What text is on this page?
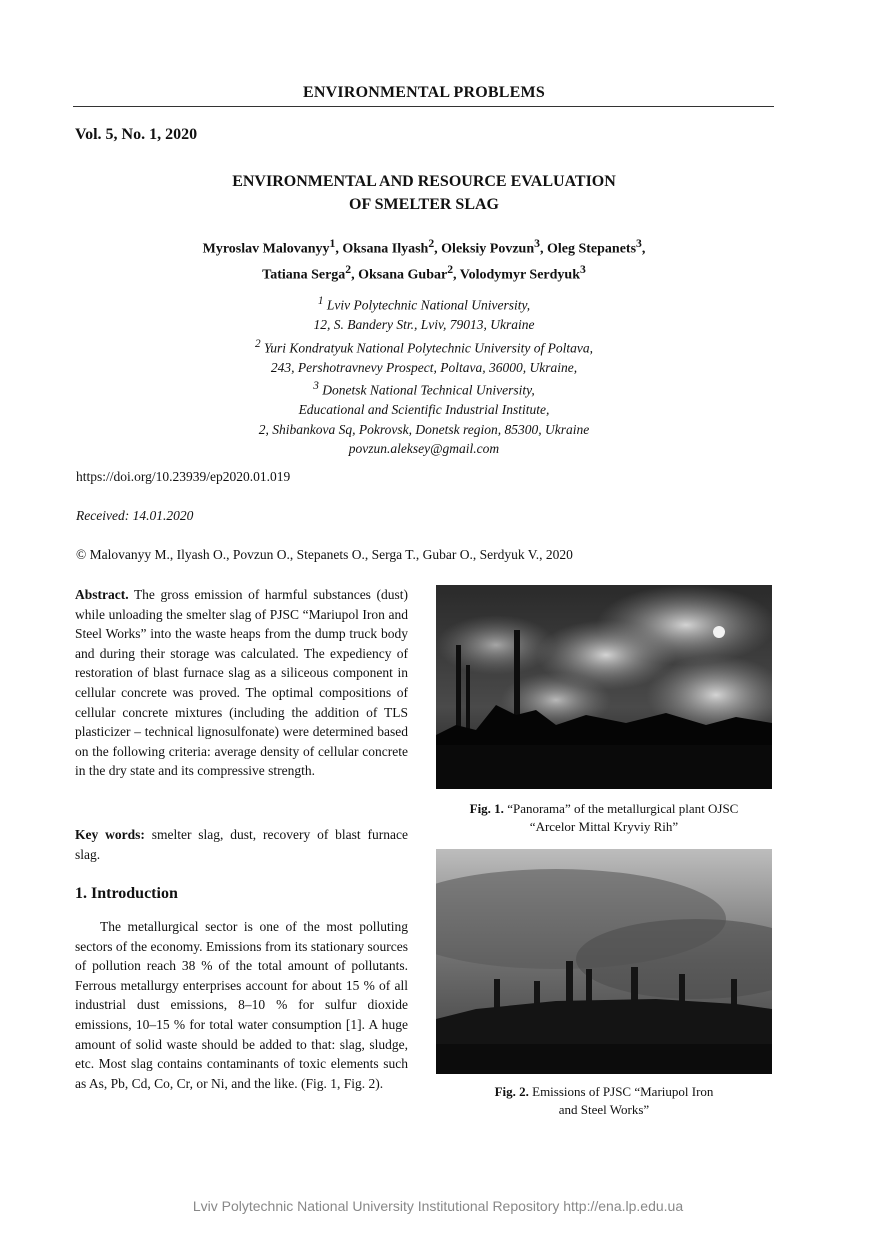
ENVIRONMENTAL PROBLEMS
Vol. 5, No. 1, 2020
ENVIRONMENTAL AND RESOURCE EVALUATION
OF SMELTER SLAG
Myroslav Malovanyy$^1$, Oksana Ilyash$^2$, Oleksiy Povzun$^3$, Oleg Stepanets$^3$,
Tatiana Serga$^2$, Oksana Gubar$^2$, Volodymyr Serdyuk$^3$
$^1$ Lviv Polytechnic National University,
12, S. Bandery Str., Lviv, 79013, Ukraine
$^2$ Yuri Kondratyuk National Polytechnic University of Poltava,
243, Pershotravnevy Prospect, Poltava, 36000, Ukraine,
$^3$ Donetsk National Technical University,
Educational and Scientific Industrial Institute,
2, Shibankova Sq, Pokrovsk, Donetsk region, 85300, Ukraine
povzun.aleksey@gmail.com
https://doi.org/10.23939/ep2020.01.019
Received: 14.01.2020
© Malovanyy M., Ilyash O., Povzun O., Stepanets O., Serga T., Gubar O., Serdyuk V., 2020
Abstract. The gross emission of harmful substances (dust) while unloading the smelter slag of PJSC “Mariupol Iron and Steel Works” into the waste heaps from the dump truck body and during their storage was calculated. The expediency of restoration of blast furnace slag as a siliceous component in cellular concrete was proved. The optimal compositions of cellular concrete mixtures (including the addition of TLS plasticizer – technical lignosulfonate) were determined based on the following criteria: average density of cellular concrete in the dry state and its compressive strength.
Key words: smelter slag, dust, recovery of blast furnace slag.
1. Introduction
The metallurgical sector is one of the most polluting sectors of the economy. Emissions from its stationary sources of pollution reach 38 % of the total amount of pollutants. Ferrous metallurgy enterprises account for about 15 % of all industrial dust emissions, 8–10 % for sulfur dioxide emissions, 10–15 % for total water consumption [1]. A huge amount of solid waste should be added to that: slag, sludge, etc. Most slag contains contaminants of toxic elements such as As, Pb, Cd, Co, Cr, or Ni, and the like. (Fig. 1, Fig. 2).
Fig. 1. “Panorama” of the metallurgical plant OJSC
“Arcelor Mittal Kryviy Rih”
Fig. 2. Emissions of PJSC “Mariupol Iron
and Steel Works”
Lviv Polytechnic National University Institutional Repository http://ena.lp.edu.ua
